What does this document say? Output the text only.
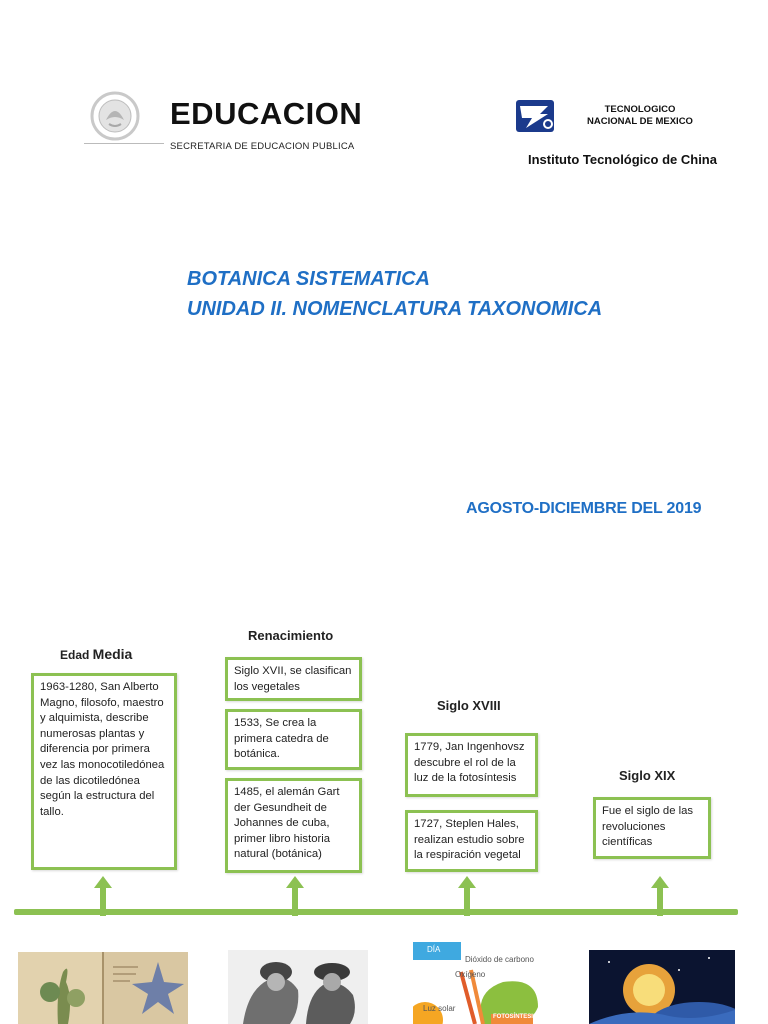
EDUCACION
SECRETARIA DE EDUCACION PUBLICA
TECNOLOGICO
NACIONAL DE MEXICO
Instituto Tecnológico de China
BOTANICA SISTEMATICA
UNIDAD II. NOMENCLATURA TAXONOMICA
AGOSTO-DICIEMBRE DEL 2019
Edad Media
1963-1280, San Alberto Magno, filosofo, maestro y alquimista, describe numerosas plantas y diferencia por primera vez las monocotiledónea de las dicotiledónea según la estructura del tallo.
Renacimiento
Siglo XVII, se clasifican los vegetales
1533, Se crea la primera catedra de botánica.
1485, el alemán Gart der Gesundheit de Johannes de cuba, primer libro historia natural (botánica)
Siglo XVIII
1779, Jan Ingenhovsz descubre el rol de la luz de la fotosíntesis
1727, Steplen Hales, realizan estudio sobre la respiración vegetal
Siglo XIX
Fue el siglo de las revoluciones científicas
DÍA
Dióxido de carbono
Oxígeno
Luz solar
FOTOSÍNTESIS
